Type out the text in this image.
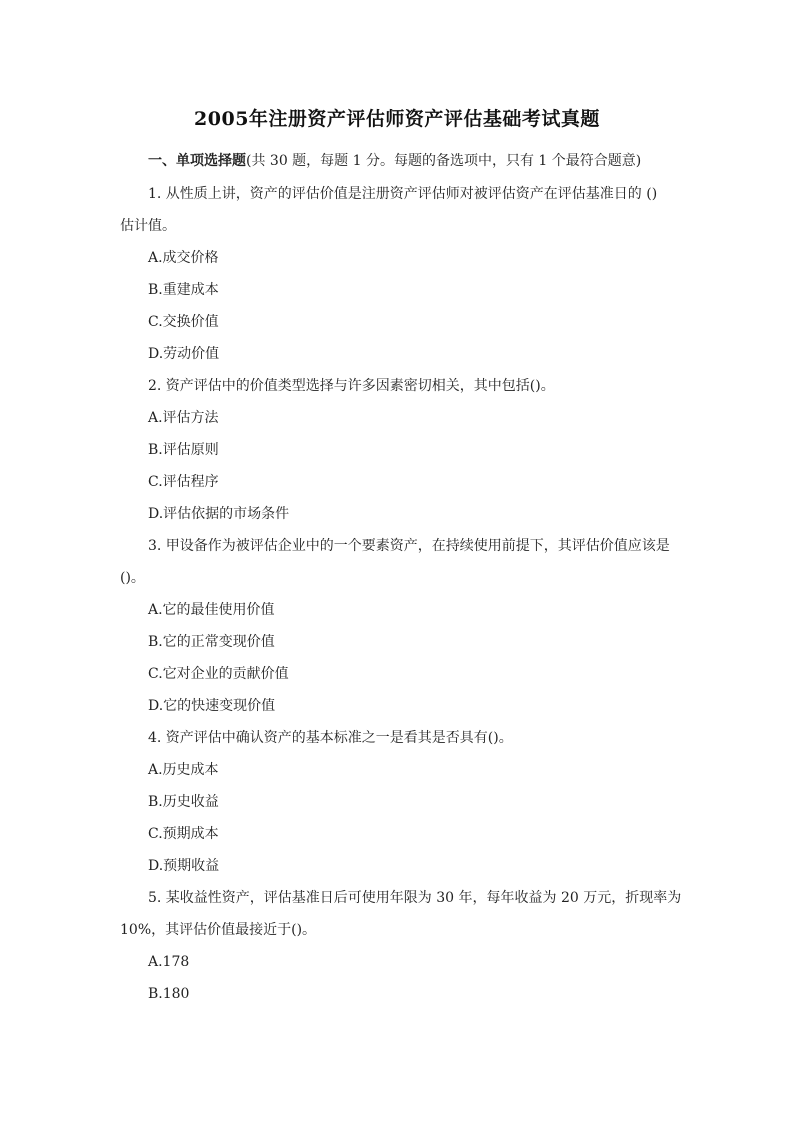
2005年注册资产评估师资产评估基础考试真题
一、单项选择题(共 30 题，每题 1 分。每题的备选项中，只有 1 个最符合题意)
1. 从性质上讲，资产的评估价值是注册资产评估师对被评估资产在评估基准日的 ()
估计值。
A.成交价格
B.重建成本
C.交换价值
D.劳动价值
2. 资产评估中的价值类型选择与许多因素密切相关，其中包括()。
A.评估方法
B.评估原则
C.评估程序
D.评估依据的市场条件
3. 甲设备作为被评估企业中的一个要素资产，在持续使用前提下，其评估价值应该是
()。
A.它的最佳使用价值
B.它的正常变现价值
C.它对企业的贡献价值
D.它的快速变现价值
4. 资产评估中确认资产的基本标准之一是看其是否具有()。
A.历史成本
B.历史收益
C.预期成本
D.预期收益
5. 某收益性资产，评估基准日后可使用年限为 30 年，每年收益为 20 万元，折现率为
10%，其评估价值最接近于()。
A.178
B.180
